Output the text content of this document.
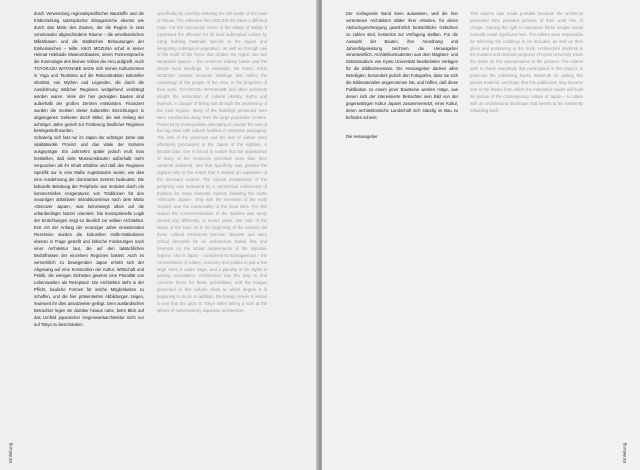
durch Verwendung regionalspezifischer Baustoffe und die Einbeziehung subtropischer Eiisagenische ebenso wie durch das Motiv des Zaunes, der die Region in zwei voneinander abgeschiedene Räume – die amerikanischen Militärbasen und die städtischen Behausungen der Einheimischen – teilte. KIKO MOZUNA schuf in seiner Heimat Hokkaido Museumsbauten, deren Formensprache die Kosmologie des kleinen Volkes der Ainu aufgreift. Auch TOYOKAZU WATANABE setzte sich seinen Kulturzentren in Yoga und Tsushima auf die Rekonstruktion kultureller Identität, von Mythen und Legenden, die durch die Ausdehnung östlicher Regionen weitgehend verdrängt worden waren. Viele der hier gezeigten Bauten sind außerhalb der großen Zentren entstanden. Finanziert wurden die meisten dieser kulturellen Einrichtungen in abgelegenen Gebieten durch Mittel, die seit Anfang der achtziger Jahre gezielt zur Förderung ländlicher Regionen bereitgestellt wurden.

Schwierig sich fast nur im Japan der achtziger Jahre das vitalitätsvolle Provinz und das vitale der Kulturen ausgeprägte. Ein Jahrzehnt später jedoch muß man feststellen, daß viele Museumsbauten außerhalb mehr verpuschen als ihr Inhalt erblühte und daß den Regionen Spezifik nur in eine Maße zugestanden wurde, wie dies eine Ausdehnung der dominanten Zentren bedeutete. Die kulturelle Belebung der Peripherie war motiviert durch ein kommerzielles Ansgeraturen von Traditionen für den neuartigen attraktiven Inlandstourismus nach dem Motto »Discover Japan«, was keineswegs allein auf die urbanbedingte Nutzer orientiert. Die konzeptionelle Logik der Einrichtungen zeigt so deutlich zur selben Architektur. Erst mit der Anfang der neunziger Jahre einsetzenden Rezession wurden die kulturellen Hülle-Institutionen ebenso in Frage gestellt und kritische Forderungen nach einer Architektur laut, die auf den tatsächlichen Bedürfnissen der einzelnen Regionen basiert. Auch im vermehrlich zu bewegenden Japan erhebt sich der Abgesang auf eine Konsumtion der Kultur, Wirtschaft und Politik, die wenigen Einheiten gewinnt eine Pluralität von Lebenswelten als Rezeptanz. Die Architektur steht in der Pflicht, bauliche Formen für solche Möglichkeiten zu schaffen, und die hier präsentierten Abbildungen zeigen, inwieweit ihr dies ansatzweise gelingt. Dem ausländischen Betrachter legen sie darüber hinaus nahe, beim Blick auf das Umfeld japanischer Gegenwartsarchitektur nicht nur auf Tokyo zu beschränken.

specifically by carefully restoring the old center of the town of Obuse. The collective firm ATELIER ZO takes a different route. For the community center of the village of Nakijin it expressed the affection for its local subtropical culture by using building materials specific to the region and integrating subtropical vegetation, as well as through use of the motif of the fence that divides the region into two separated spaces – the American military bases and the simple local dwellings. In Hokkaido, his home, KIKO MOZUNA created museum buildings that reflect the cosmology of the people of the Ainu. In the programs of their work, TOYOKAZU WATANABE and other architects sought the restoration of cultural identity, myths and legends, in danger of being lost through the weakening of the rural regions. Many of the buildings presented here were constructed away from the large population centers. Financed by municipalities attempting to counter the loss of the big cities with cultural facilities in attractive packaging. The loss of the provinces and the rest of culture were effectively proclaimed in the Japan of the eighties. A decade later, one is forced to realize that the appearance of many of the museums promised more than their contents delivered, and that specificity was granted the regions only to the extent that it implied an expansion of the dominant centers. The cultural revitalization of the periphery was motivated by a commercial rediscovery of tradition for mass domestic tourism following the motto »Discover Japan«. Only with the recession of the early nineties was the functionality of the local sites. For this reason the commercialization of the facilities was rarely viewed any differently. In recent years, one critic of the status of the town as in the beginning of the nineties did these cultural institutions become obsolete and were critical demands for an architecture based first and foremost on the actual requirements of the separate regions. Also in Japan – considered so homogeneous – the concentration of culture, economy and politics in just a few large cities is under siege, and a plurality of life styles is gaining acceptance. Architecture has the duty to find concrete forms for these possibilities, and the images presented in this volume show to which degree it is beginning to do so. In addition, the foreign viewer is invited to see that the gaze to Tokyo when taking a look at the sphere of contemporary Japanese architecture.

Einleitung

Der vorliegende Band kann ausweisen, weil die hier vertretenen Architekten Bilder ihrer Arbeiten, für deren Abdruckgenehmigung gewöhnlich beträchtliche Gebühren zu zahlen sind, kostenlos zur Verfügung stellten. Für die Auswahl der Bauten, ihre Anordnung und Jahresfolgeleistung zeichnen die Herausgeber verantwortlich. Architekturstudenten aus dem Magister- und Doktorstudium von Kyoto Universität bearbeiteten Vorlagen für die Bildkommentare. Die Herausgeber danken allen Beteiligten, besonders jedoch den Fotografen, dass sie sich die Bildmaterialien angenommen hat, und hoffen, daß diese Publikation zu einem jener Bausteine werden möge, aus denen sich der interessierte Betrachter sein Bild von der gegenwärtigen Kultur Japans zusammensetzt, einer Kultur, deren architektonische Landschaft sich ständig im Bau zu befinden scheint.

Die Herausgeber

This volume was made possible because the architects presented here provided pictures of their work free of charge. Gaining the right to reproduce these images would normally entail significant fees. The editors were responsible for selecting the buildings to be included, as well as their place and positioning in the book. Architecture students in the masters and doctoral programs of Kyoto University wrote the drafts for the commentaries to the pictures. The editors wish to thank everybody that participated in this project, in particular the publishing house Wasmuth for adding this picture material, and hope that this publication may become one of the blocks from which the interested reader will build his picture of the contemporary culture of Japan – a culture with an architectural landscape that seems to be constantly rebuilding itself.

Einleitung
